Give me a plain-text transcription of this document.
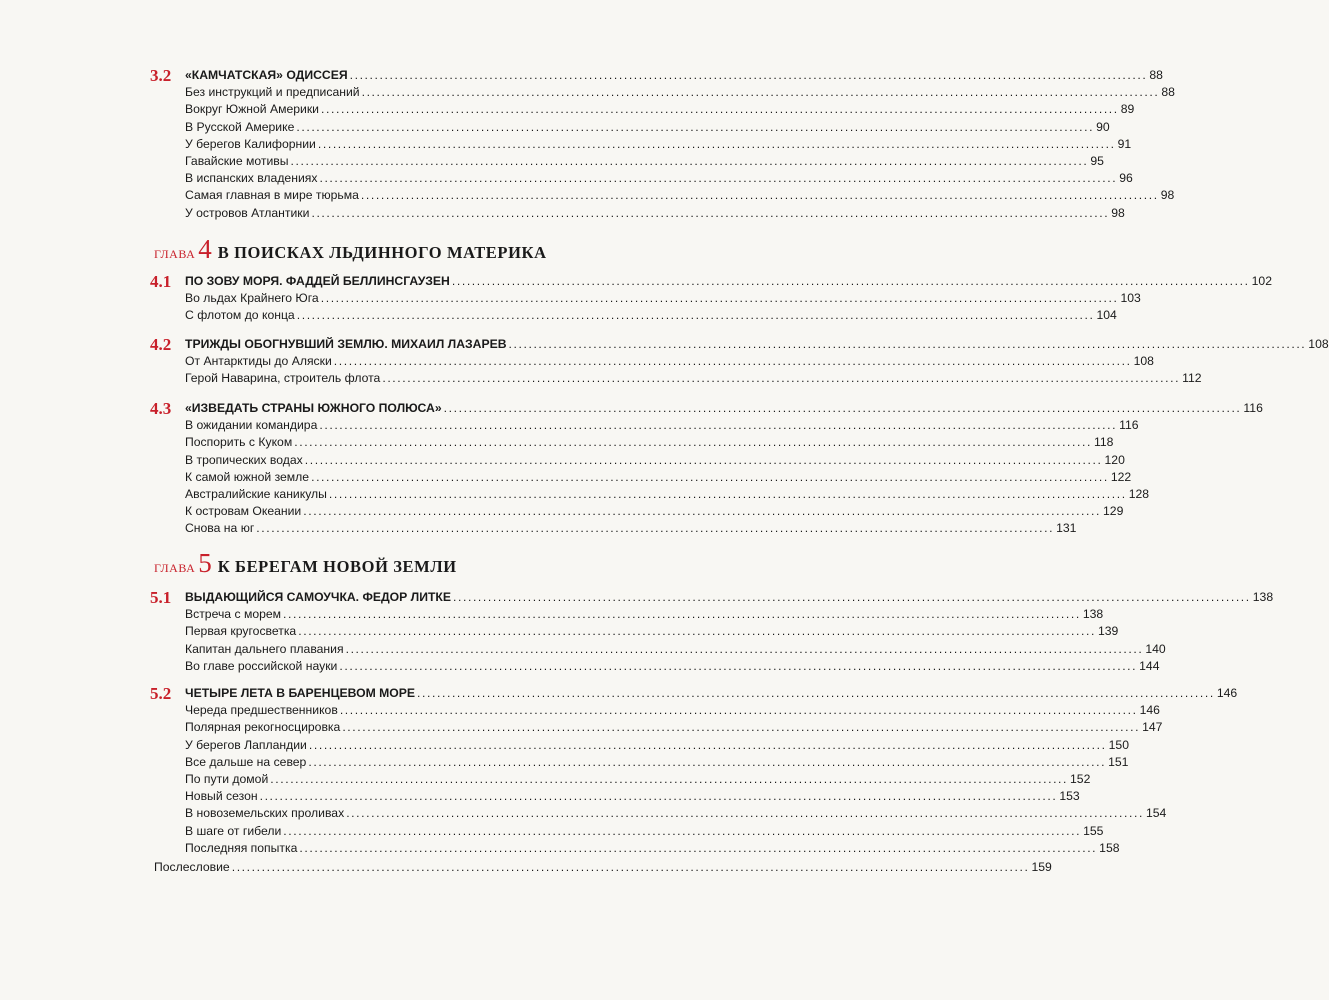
3.2 «КАМЧАТСКАЯ» ОДИССЕЯ ................................................................................................................................................................ 88
Без инструкций и предписаний ................................................................................................................................................................ 88
Вокруг Южной Америки ................................................................................................................................................................ 89
В Русской Америке ................................................................................................................................................................ 90
У берегов Калифорнии ................................................................................................................................................................ 91
Гавайские мотивы ................................................................................................................................................................ 95
В испанских владениях ................................................................................................................................................................ 96
Самая главная в мире тюрьма ................................................................................................................................................................ 98
У островов Атлантики ................................................................................................................................................................ 98
ГЛАВА 4 В ПОИСКАХ ЛЬДИННОГО МАТЕРИКА
4.1 ПО ЗОВУ МОРЯ. ФАДДЕЙ БЕЛЛИНСГАУЗЕН ................................................................................................................................................................ 102
Во льдах Крайнего Юга ................................................................................................................................................................ 103
С флотом до конца ................................................................................................................................................................ 104
4.2 ТРИЖДЫ ОБОГНУВШИЙ ЗЕМЛЮ. МИХАИЛ ЛАЗАРЕВ ................................................................................................................................................................ 108
От Антарктиды до Аляски ................................................................................................................................................................ 108
Герой Наварина, строитель флота ................................................................................................................................................................ 112
4.3 «ИЗВЕДАТЬ СТРАНЫ ЮЖНОГО ПОЛЮСА» ................................................................................................................................................................ 116
В ожидании командира ................................................................................................................................................................ 116
Поспорить с Куком ................................................................................................................................................................ 118
В тропических водах ................................................................................................................................................................ 120
К самой южной земле ................................................................................................................................................................ 122
Австралийские каникулы ................................................................................................................................................................ 128
К островам Океании ................................................................................................................................................................ 129
Снова на юг ................................................................................................................................................................ 131
ГЛАВА 5 К БЕРЕГАМ НОВОЙ ЗЕМЛИ
5.1 ВЫДАЮЩИЙСЯ САМОУЧКА. ФЕДОР ЛИТКЕ ................................................................................................................................................................ 138
Встреча с морем ................................................................................................................................................................ 138
Первая кругосветка ................................................................................................................................................................ 139
Капитан дальнего плавания ................................................................................................................................................................ 140
Во главе российской науки ................................................................................................................................................................ 144
5.2 ЧЕТЫРЕ ЛЕТА В БАРЕНЦЕВОМ МОРЕ ................................................................................................................................................................ 146
Череда предшественников ................................................................................................................................................................ 146
Полярная рекогносцировка ................................................................................................................................................................ 147
У берегов Лапландии ................................................................................................................................................................ 150
Все дальше на север ................................................................................................................................................................ 151
По пути домой ................................................................................................................................................................ 152
Новый сезон ................................................................................................................................................................ 153
В новоземельских проливах ................................................................................................................................................................ 154
В шаге от гибели ................................................................................................................................................................ 155
Последняя попытка ................................................................................................................................................................ 158
Послесловие ................................................................................................................................................................ 159
